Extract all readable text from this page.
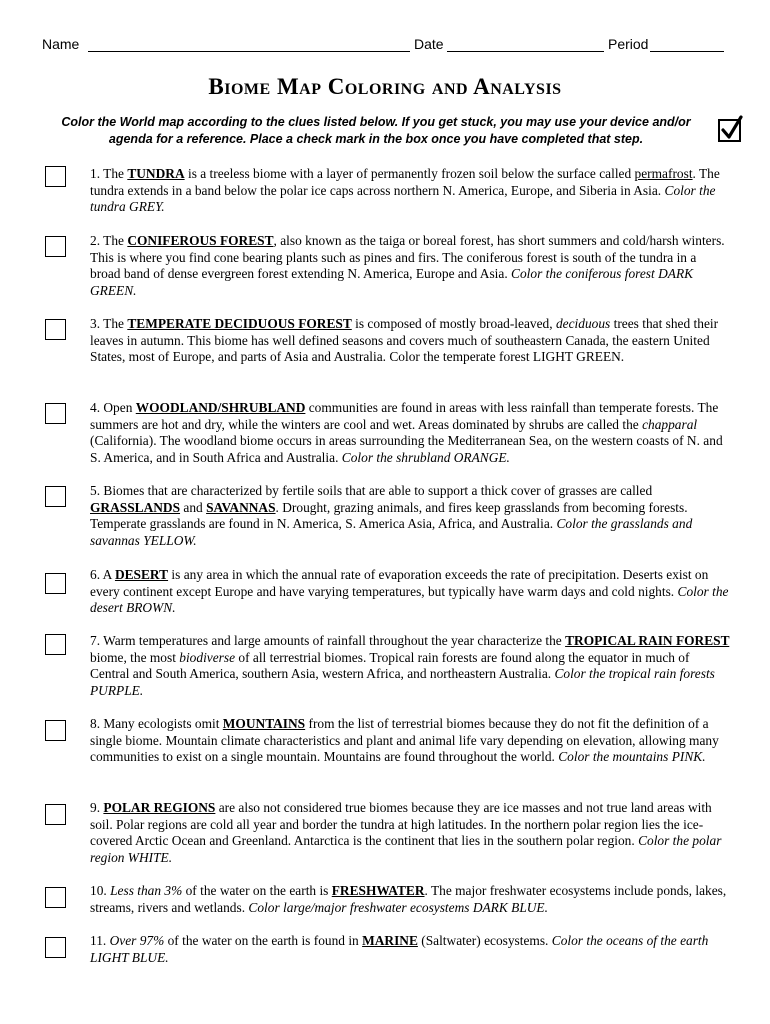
Name	Date	Period
Biome Map Coloring and Analysis
Color the World map according to the clues listed below. If you get stuck, you may use your device and/or agenda for a reference. Place a check mark in the box once you have completed that step.
1. The TUNDRA is a treeless biome with a layer of permanently frozen soil below the surface called permafrost. The tundra extends in a band below the polar ice caps across northern N. America, Europe, and Siberia in Asia. Color the tundra GREY.
2. The CONIFEROUS FOREST, also known as the taiga or boreal forest, has short summers and cold/harsh winters. This is where you find cone bearing plants such as pines and firs. The coniferous forest is south of the tundra in a broad band of dense evergreen forest extending N. America, Europe and Asia. Color the coniferous forest DARK GREEN.
3. The TEMPERATE DECIDUOUS FOREST is composed of mostly broad-leaved, deciduous trees that shed their leaves in autumn. This biome has well defined seasons and covers much of southeastern Canada, the eastern United States, most of Europe, and parts of Asia and Australia. Color the temperate forest LIGHT GREEN.
4. Open WOODLAND/SHRUBLAND communities are found in areas with less rainfall than temperate forests. The summers are hot and dry, while the winters are cool and wet. Areas dominated by shrubs are called the chapparal (California). The woodland biome occurs in areas surrounding the Mediterranean Sea, on the western coasts of N. and S. America, and in South Africa and Australia. Color the shrubland ORANGE.
5. Biomes that are characterized by fertile soils that are able to support a thick cover of grasses are called GRASSLANDS and SAVANNAS. Drought, grazing animals, and fires keep grasslands from becoming forests. Temperate grasslands are found in N. America, S. America Asia, Africa, and Australia. Color the grasslands and savannas YELLOW.
6. A DESERT is any area in which the annual rate of evaporation exceeds the rate of precipitation. Deserts exist on every continent except Europe and have varying temperatures, but typically have warm days and cold nights. Color the desert BROWN.
7. Warm temperatures and large amounts of rainfall throughout the year characterize the TROPICAL RAIN FOREST biome, the most biodiverse of all terrestrial biomes. Tropical rain forests are found along the equator in much of Central and South America, southern Asia, western Africa, and northeastern Australia. Color the tropical rain forests PURPLE.
8. Many ecologists omit MOUNTAINS from the list of terrestrial biomes because they do not fit the definition of a single biome. Mountain climate characteristics and plant and animal life vary depending on elevation, allowing many communities to exist on a single mountain. Mountains are found throughout the world. Color the mountains PINK.
9. POLAR REGIONS are also not considered true biomes because they are ice masses and not true land areas with soil. Polar regions are cold all year and border the tundra at high latitudes. In the northern polar region lies the ice-covered Arctic Ocean and Greenland. Antarctica is the continent that lies in the southern polar region. Color the polar region WHITE.
10. Less than 3% of the water on the earth is FRESHWATER. The major freshwater ecosystems include ponds, lakes, streams, rivers and wetlands. Color large/major freshwater ecosystems DARK BLUE.
11. Over 97% of the water on the earth is found in MARINE (Saltwater) ecosystems. Color the oceans of the earth LIGHT BLUE.
